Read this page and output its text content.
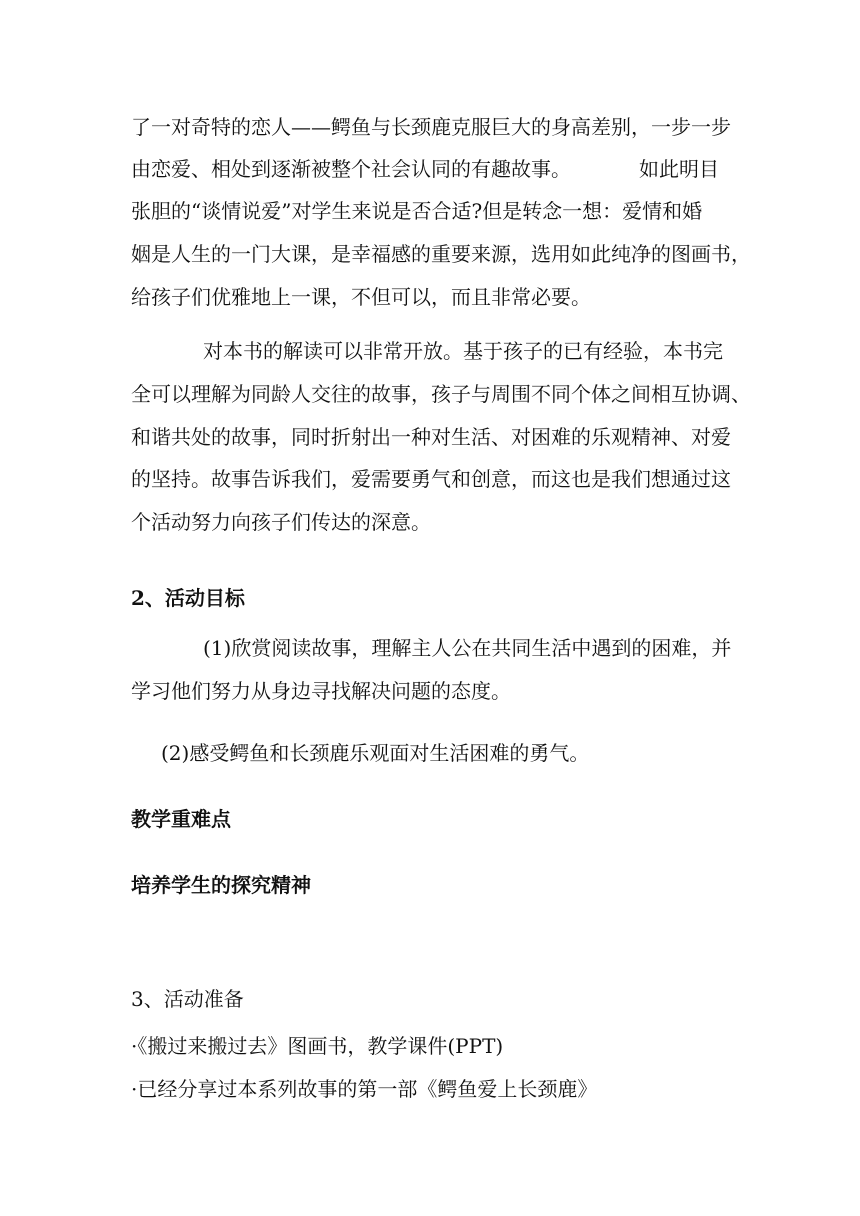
了一对奇特的恋人——鳄鱼与长颈鹿克服巨大的身高差别，一步一步
由恋爱、相处到逐渐被整个社会认同的有趣故事。	如此明目
张胆的“谈情说爱”对学生来说是否合适?但是转念一想：爱情和婚
姻是人生的一门大课，是幸福感的重要来源，选用如此纯净的图画书，
给孩子们优雅地上一课，不但可以，而且非常必要。
对本书的解读可以非常开放。基于孩子的已有经验，本书完
全可以理解为同龄人交往的故事，孩子与周围不同个体之间相互协调、
和谐共处的故事，同时折射出一种对生活、对困难的乐观精神、对爱
的坚持。故事告诉我们，爱需要勇气和创意，而这也是我们想通过这
个活动努力向孩子们传达的深意。
2、活动目标
(1)欣赏阅读故事，理解主人公在共同生活中遇到的困难，并
学习他们努力从身边寻找解决问题的态度。
(2)感受鳄鱼和长颈鹿乐观面对生活困难的勇气。
教学重难点
培养学生的探究精神
3、活动准备
·《搬过来搬过去》图画书，教学课件(PPT)
·已经分享过本系列故事的第一部《鳄鱼爱上长颈鹿》
